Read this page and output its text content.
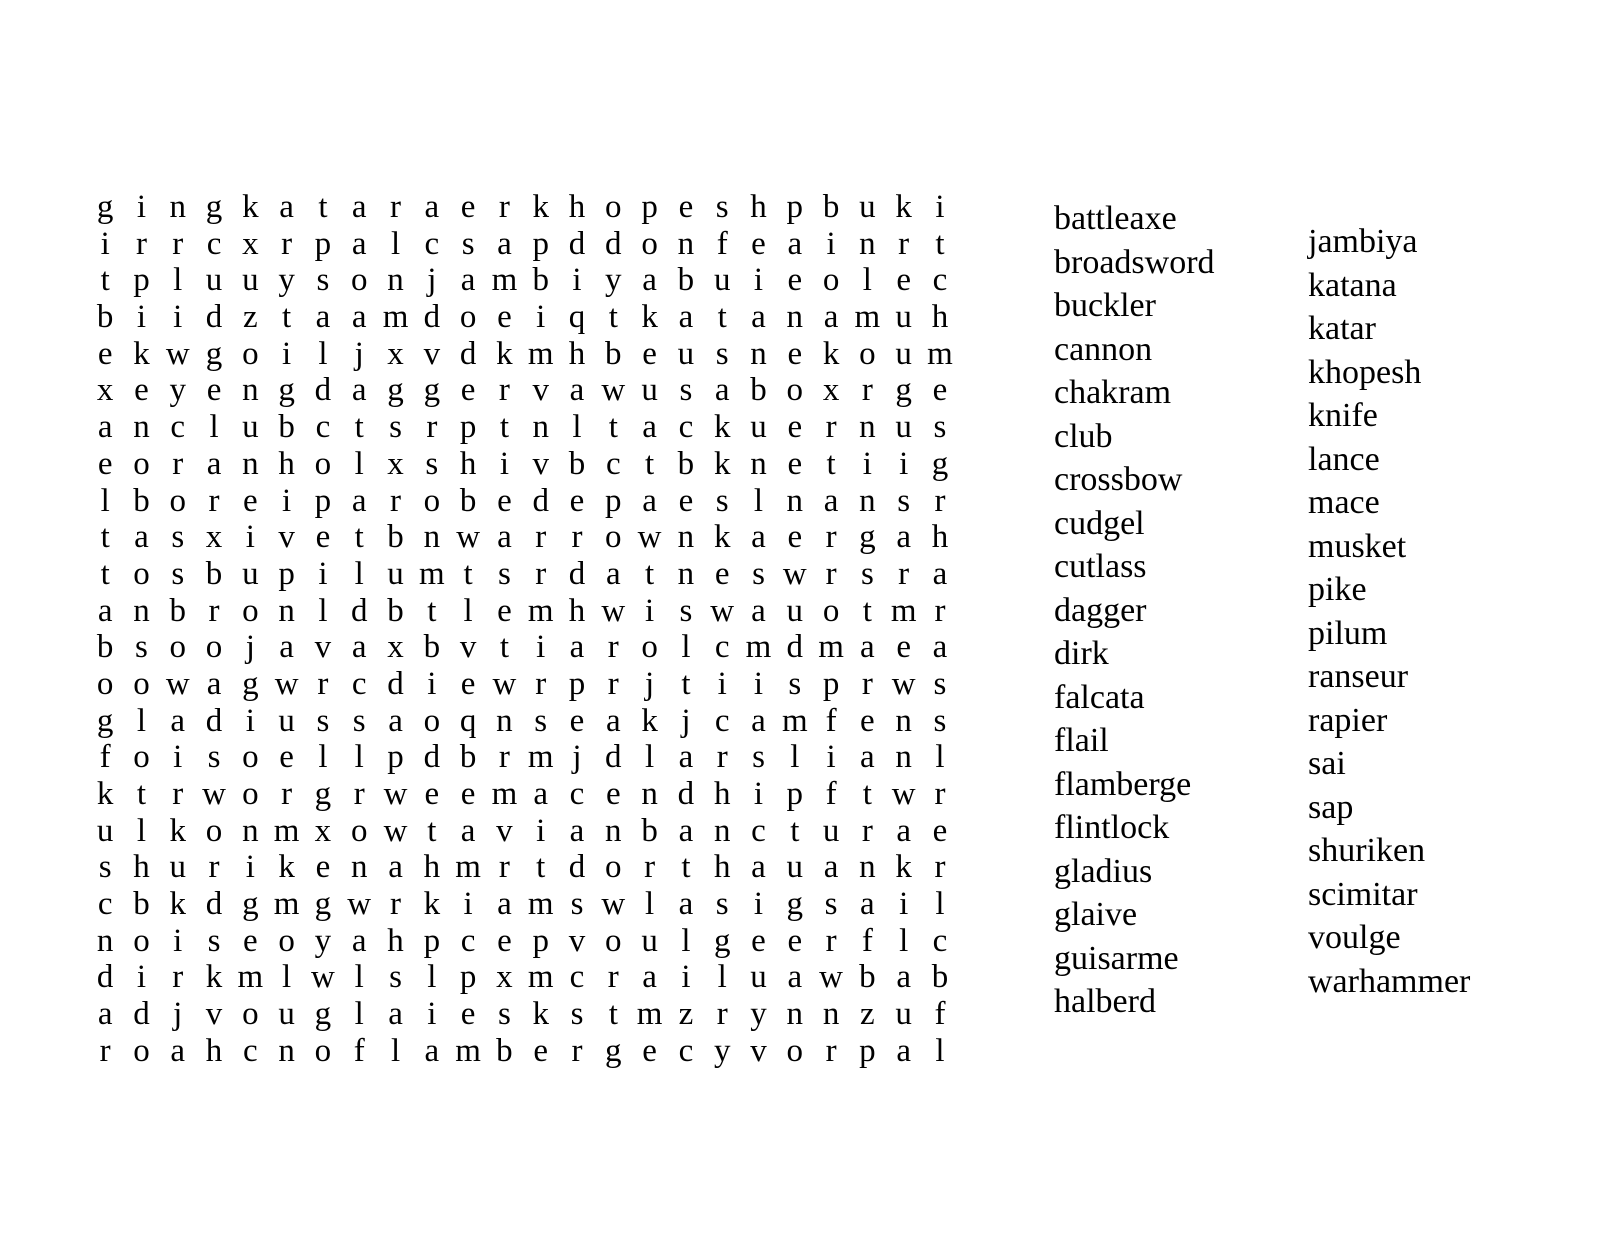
g i n g k a t a r a e r k h o p e s h p b u k i
i r r c x r p a l c s a p d d o n f e a i n r t
t p l u u y s o n j a m b i y a b u i e o l e c
b i i d z t a a m d o e i q t k a t a n a m u h
e k w g o i l j x v d k m h b e u s n e k o u m
x e y e n g d a g g e r v a w u s a b o x r g e
a n c l u b c t s r p t n l t a c k u e r n u s
e o r a n h o l x s h i v b c t b k n e t i i g
l b o r e i p a r o b e d e p a e s l n a n s r
t a s x i v e t b n w a r r o w n k a e r g a h
t o s b u p i l u m t s r d a t n e s w r s r a
a n b r o n l d b t l e m h w i s w a u o t m r
b s o o j a v a x b v t i a r o l c m d m a e a
o o w a g w r c d i e w r p r j t i i s p r w s
g l a d i u s s a o q n s e a k j c a m f e n s
f o i s o e l l p d b r m j d l a r s l i a n l
k t r w o r g r w e e m a c e n d h i p f t w r
u l k o n m x o w t a v i a n b a n c t u r a e
s h u r i k e n a h m r t d o r t h a u a n k r
c b k d g m g w r k i a m s w l a s i g s a i l
n o i s e o y a h p c e p v o u l g e e r f l c
d i r k m l w l s l p x m c r a i l u a w b a b
a d j v o u g l a i e s k s t m z r y n n z u f
r o a h c n o f l a m b e r g e c y v o r p a l
battleaxe
broadsword
buckler
cannon
chakram
club
crossbow
cudgel
cutlass
dagger
dirk
falcata
flail
flamberge
flintlock
gladius
glaive
guisarme
halberd
jambiya
katana
katar
khopesh
knife
lance
mace
musket
pike
pilum
ranseur
rapier
sai
sap
shuriken
scimitar
voulge
warhammer
